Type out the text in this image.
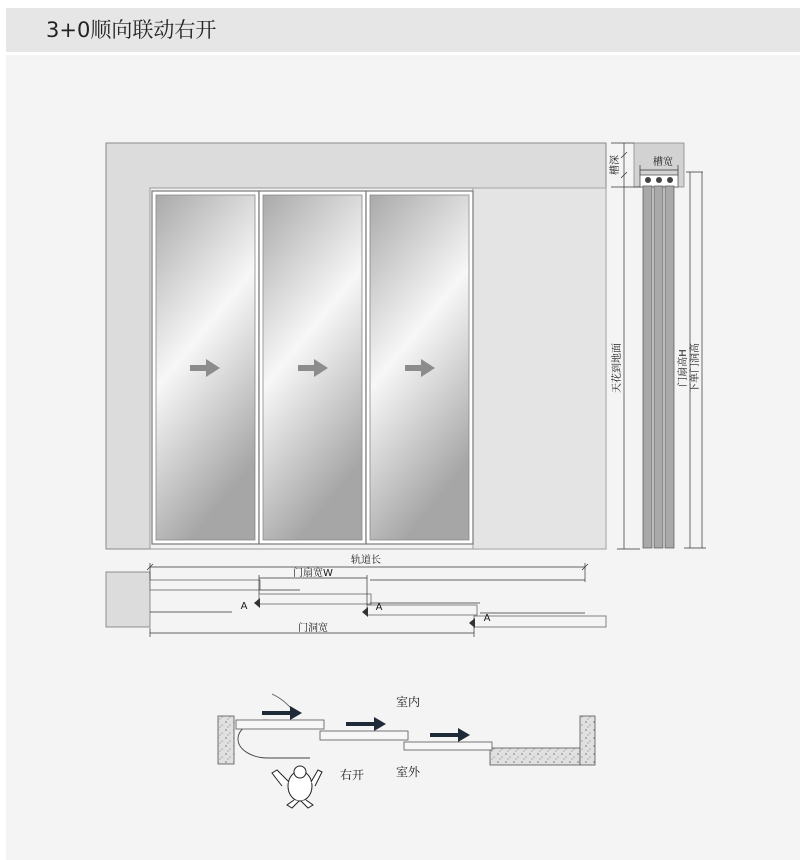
3+0顺向联动右开
槽深	槽宽
天花到地面	门扇高H 下单门洞高
轨道长
门扇宽W
A	A
A
门洞宽
室内
室外
右开
